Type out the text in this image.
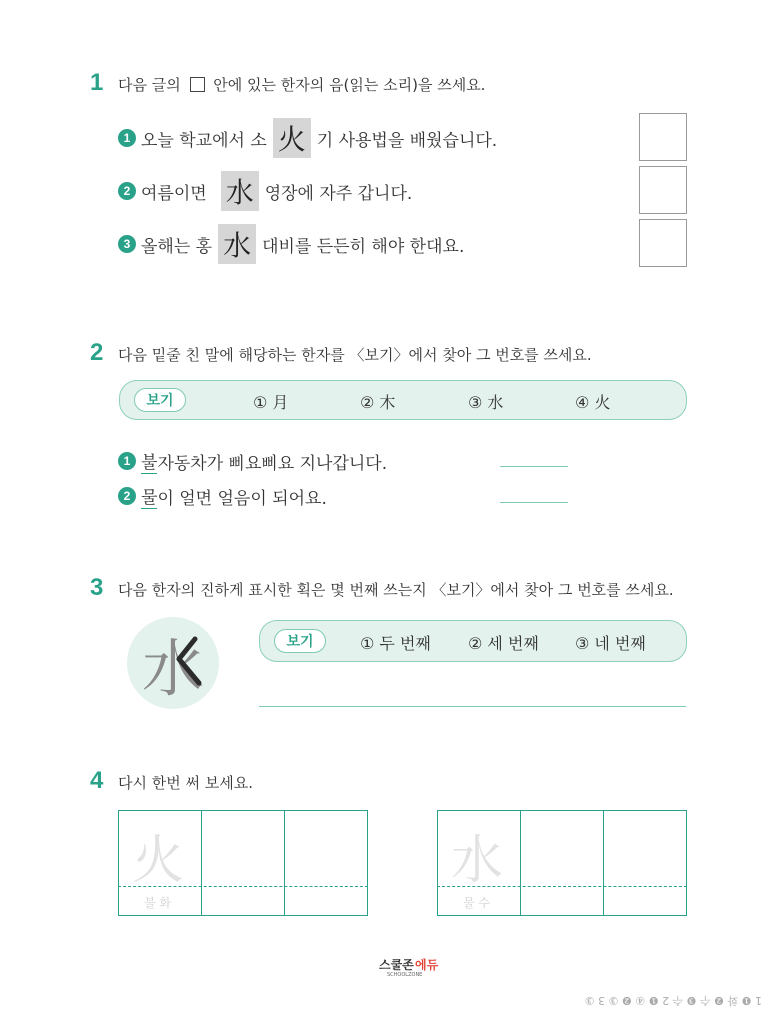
1 다음 글의 안에 있는 한자의 음(읽는 소리)을 쓰세요.
1 오늘 학교에서 소 火 기 사용법을 배웠습니다.
2 여름이면 水 영장에 자주 갑니다.
3 올해는 홍 水 대비를 든든히 해야 한대요.
2 다음 밑줄 친 말에 해당하는 한자를 〈보기〉에서 찾아 그 번호를 쓰세요.
보기	① 月	② 木	③ 水	④ 火
1 불 자동차가 삐요삐요 지나갑니다.
2 물 이 얼면 얼음이 되어요.
3 다음 한자의 진하게 표시한 획은 몇 번째 쓰는지 〈보기〉에서 찾아 그 번호를 쓰세요.
水	보기	① 두 번째 ② 세 번째 ③ 네 번째
4 다시 한번 써 보세요.
火
불 화
水
물 수
스쿨존 에듀
SCHOOLZONE
1 ❶ 화 ❷ 수 ❸ 수 2 ❶ ④ ❷ ③ 3 ③
